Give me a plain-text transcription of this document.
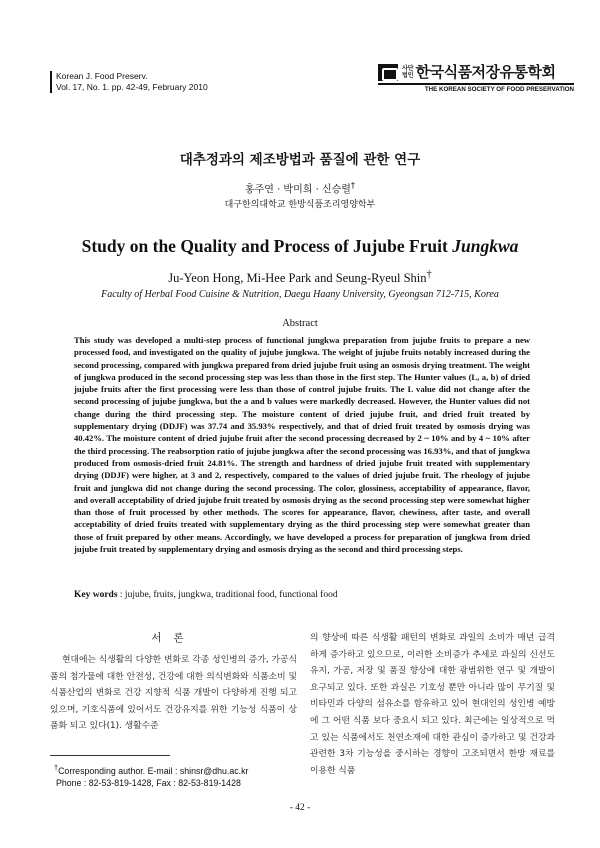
Korean J. Food Preserv.
Vol. 17, No. 1. pp. 42-49, February 2010
사단
법인 한국식품저장유통학회
THE KOREAN SOCIETY OF FOOD PRESERVATION
대추정과의 제조방법과 품질에 관한 연구
홍주연 · 박미희 · 신승렬†
대구한의대학교 한방식품조리영양학부
Study on the Quality and Process of Jujube Fruit Jungkwa
Ju-Yeon Hong, Mi-Hee Park and Seung-Ryeul Shin†
Faculty of Herbal Food Cuisine & Nutrition, Daegu Haany University, Gyeongsan 712-715, Korea
Abstract
This study was developed a multi-step process of functional jungkwa preparation from jujube fruits to prepare a new processed food, and investigated on the quality of jujube jungkwa. The weight of jujube fruits notably increased during the second processing, compared with jungkwa prepared from dried jujube fruit using an osmosis drying treatment. The weight of jungkwa produced in the second processing step was less than those in the first step. The Hunter values (L, a, b) of dried jujube fruits after the first processing were less than those of control jujube fruits. The L value did not change after the second processing of jujube jungkwa, but the a and b values were markedly decreased. However, the Hunter values did not change during the third processing step. The moisture content of dried jujube fruit, and dried fruit treated by supplementary drying (DDJF) was 37.74 and 35.93% respectively, and that of dried fruit treated by osmosis drying was 40.42%. The moisture content of dried jujube fruit after the second processing decreased by 2 ~ 10% and by 4 ~ 10% after the third processing. The reabsorption ratio of jujube jungkwa after the second processing was 16.93%, and that of jungkwa produced from osmosis-dried fruit 24.81%. The strength and hardness of dried jujube fruit treated with supplementary drying (DDJF) were higher, at 3 and 2, respectively, compared to the values of dried jujube fruit. The rheology of jujube fruit and jungkwa did not change during the second processing. The color, glossiness, acceptability of appearance, flavor, and overall acceptability of dried jujube fruit treated by osmosis drying as the second processing step were somewhat higher than those of fruit processed by other methods. The scores for appearance, flavor, chewiness, after taste, and overall acceptability of dried fruits treated with supplementary drying as the third processing step were somewhat greater than those of fruit prepared by other means. Accordingly, we have developed a process for preparation of jungkwa from dried jujube fruit treated by supplementary drying and osmosis drying as the second and third processing steps.
Key words : jujube, fruits, jungkwa, traditional food, functional food
서론
현대에는 식생활의 다양한 변화로 각종 성인병의 증가, 가공식품의 첨가물에 대한 안전성, 건강에 대한 의식변화와 식품소비 및 식품산업의 변화로 건강 지향적 식품 개발이 다양하게 진행 되고 있으며, 기호식품에 있어서도 건강유지를 위한 기능성 식품이 상품화 되고 있다(1). 생활수준
의 향상에 따른 식생활 패턴의 변화로 과일의 소비가 매년 급격하게 증가하고 있으므로, 이러한 소비증가 추세로 과실의 신선도 유지, 가공, 저장 및 품질 향상에 대한 광범위한 연구 및 개발이 요구되고 있다. 또한 과실은 기호성 뿐만 아니라 많이 무기질 및 비타민과 다양의 섬유소를 함유하고 있어 현대인의 성인병 예방에 그 어떤 식품 보다 중요시 되고 있다. 최근에는 일상적으로 먹고 있는 식품에서도 천연소재에 대한 관심이 증가하고 및 건강과 관련한 3차 기능성을 중시하는 경향이 고조되면서 한방 재료를 이용한 식품
†Corresponding author. E-mail : shinsr@dhu.ac.kr
Phone : 82-53-819-1428, Fax : 82-53-819-1428
- 42 -
